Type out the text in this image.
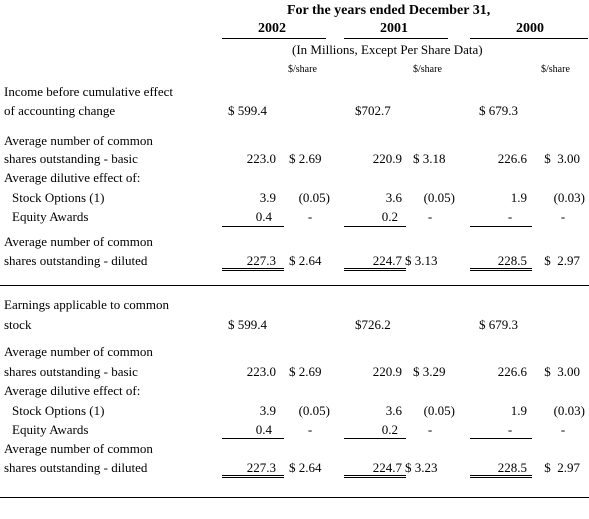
For the years ended December 31,
2002	2001	2000
(In Millions, Except Per Share Data)
$/share	$/share	$/share
Income before cumulative effect
of accounting change	$ 599.4	$702.7	$ 679.3
Average number of common
shares outstanding - basic	223.0 $ 2.69	220.9 $ 3.18	226.6	$  3.00
Average dilutive effect of:
Stock Options (1)	3.9	(0.05)	3.6	(0.05)	1.9	(0.03)
Equity Awards	0.4	-	0.2	-	-	-
Average number of common
shares outstanding - diluted	227.3 $ 2.64	224.7 $ 3.13	228.5	$  2.97
Earnings applicable to common
stock	$ 599.4	$726.2	$ 679.3
Average number of common
shares outstanding - basic	223.0 $ 2.69	220.9 $ 3.29	226.6	$  3.00
Average dilutive effect of:
Stock Options (1)	3.9	(0.05)	3.6	(0.05)	1.9	(0.03)
Equity Awards	0.4	-	0.2	-	-	-
Average number of common
shares outstanding - diluted	227.3 $ 2.64	224.7 $ 3.23	228.5	$  2.97
